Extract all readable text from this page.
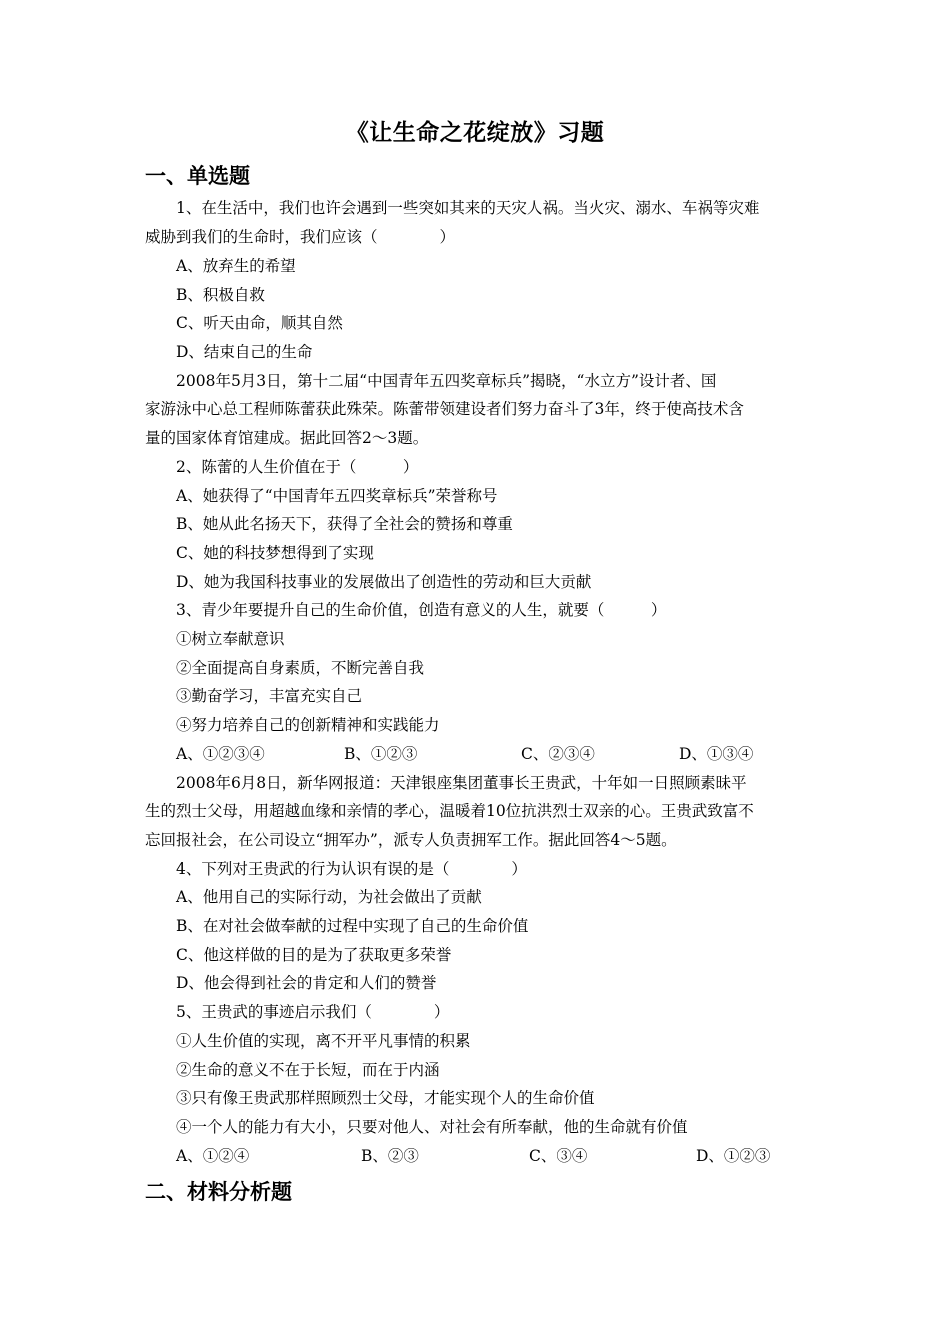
《让生命之花绽放》习题
一、单选题
1、在生活中，我们也许会遇到一些突如其来的天灾人祸。当火灾、溺水、车祸等灾难
威胁到我们的生命时，我们应该（　　　　）
A、放弃生的希望
B、积极自救
C、听天由命，顺其自然
D、结束自己的生命
2008年5月3日，第十二届“中国青年五四奖章标兵”揭晓，“水立方”设计者、国
家游泳中心总工程师陈蕾获此殊荣。陈蕾带领建设者们努力奋斗了3年，终于使高技术含
量的国家体育馆建成。据此回答2～3题。
2、陈蕾的人生价值在于（　　　）
A、她获得了“中国青年五四奖章标兵”荣誉称号
B、她从此名扬天下，获得了全社会的赞扬和尊重
C、她的科技梦想得到了实现
D、她为我国科技事业的发展做出了创造性的劳动和巨大贡献
3、青少年要提升自己的生命价值，创造有意义的人生，就要（　　　）
①树立奉献意识
②全面提高自身素质，不断完善自我
③勤奋学习，丰富充实自己
④努力培养自己的创新精神和实践能力
A、①②③④	B、①②③	C、②③④	D、①③④
2008年6月8日，新华网报道：天津银座集团董事长王贵武，十年如一日照顾素昧平
生的烈士父母，用超越血缘和亲情的孝心，温暖着10位抗洪烈士双亲的心。王贵武致富不
忘回报社会，在公司设立“拥军办”，派专人负责拥军工作。据此回答4～5题。
4、下列对王贵武的行为认识有误的是（　　　　）
A、他用自己的实际行动，为社会做出了贡献
B、在对社会做奉献的过程中实现了自己的生命价值
C、他这样做的目的是为了获取更多荣誉
D、他会得到社会的肯定和人们的赞誉
5、王贵武的事迹启示我们（　　　　）
①人生价值的实现，离不开平凡事情的积累
②生命的意义不在于长短，而在于内涵
③只有像王贵武那样照顾烈士父母，才能实现个人的生命价值
④一个人的能力有大小，只要对他人、对社会有所奉献，他的生命就有价值
A、①②④	B、②③	C、③④	D、①②③
二、材料分析题
